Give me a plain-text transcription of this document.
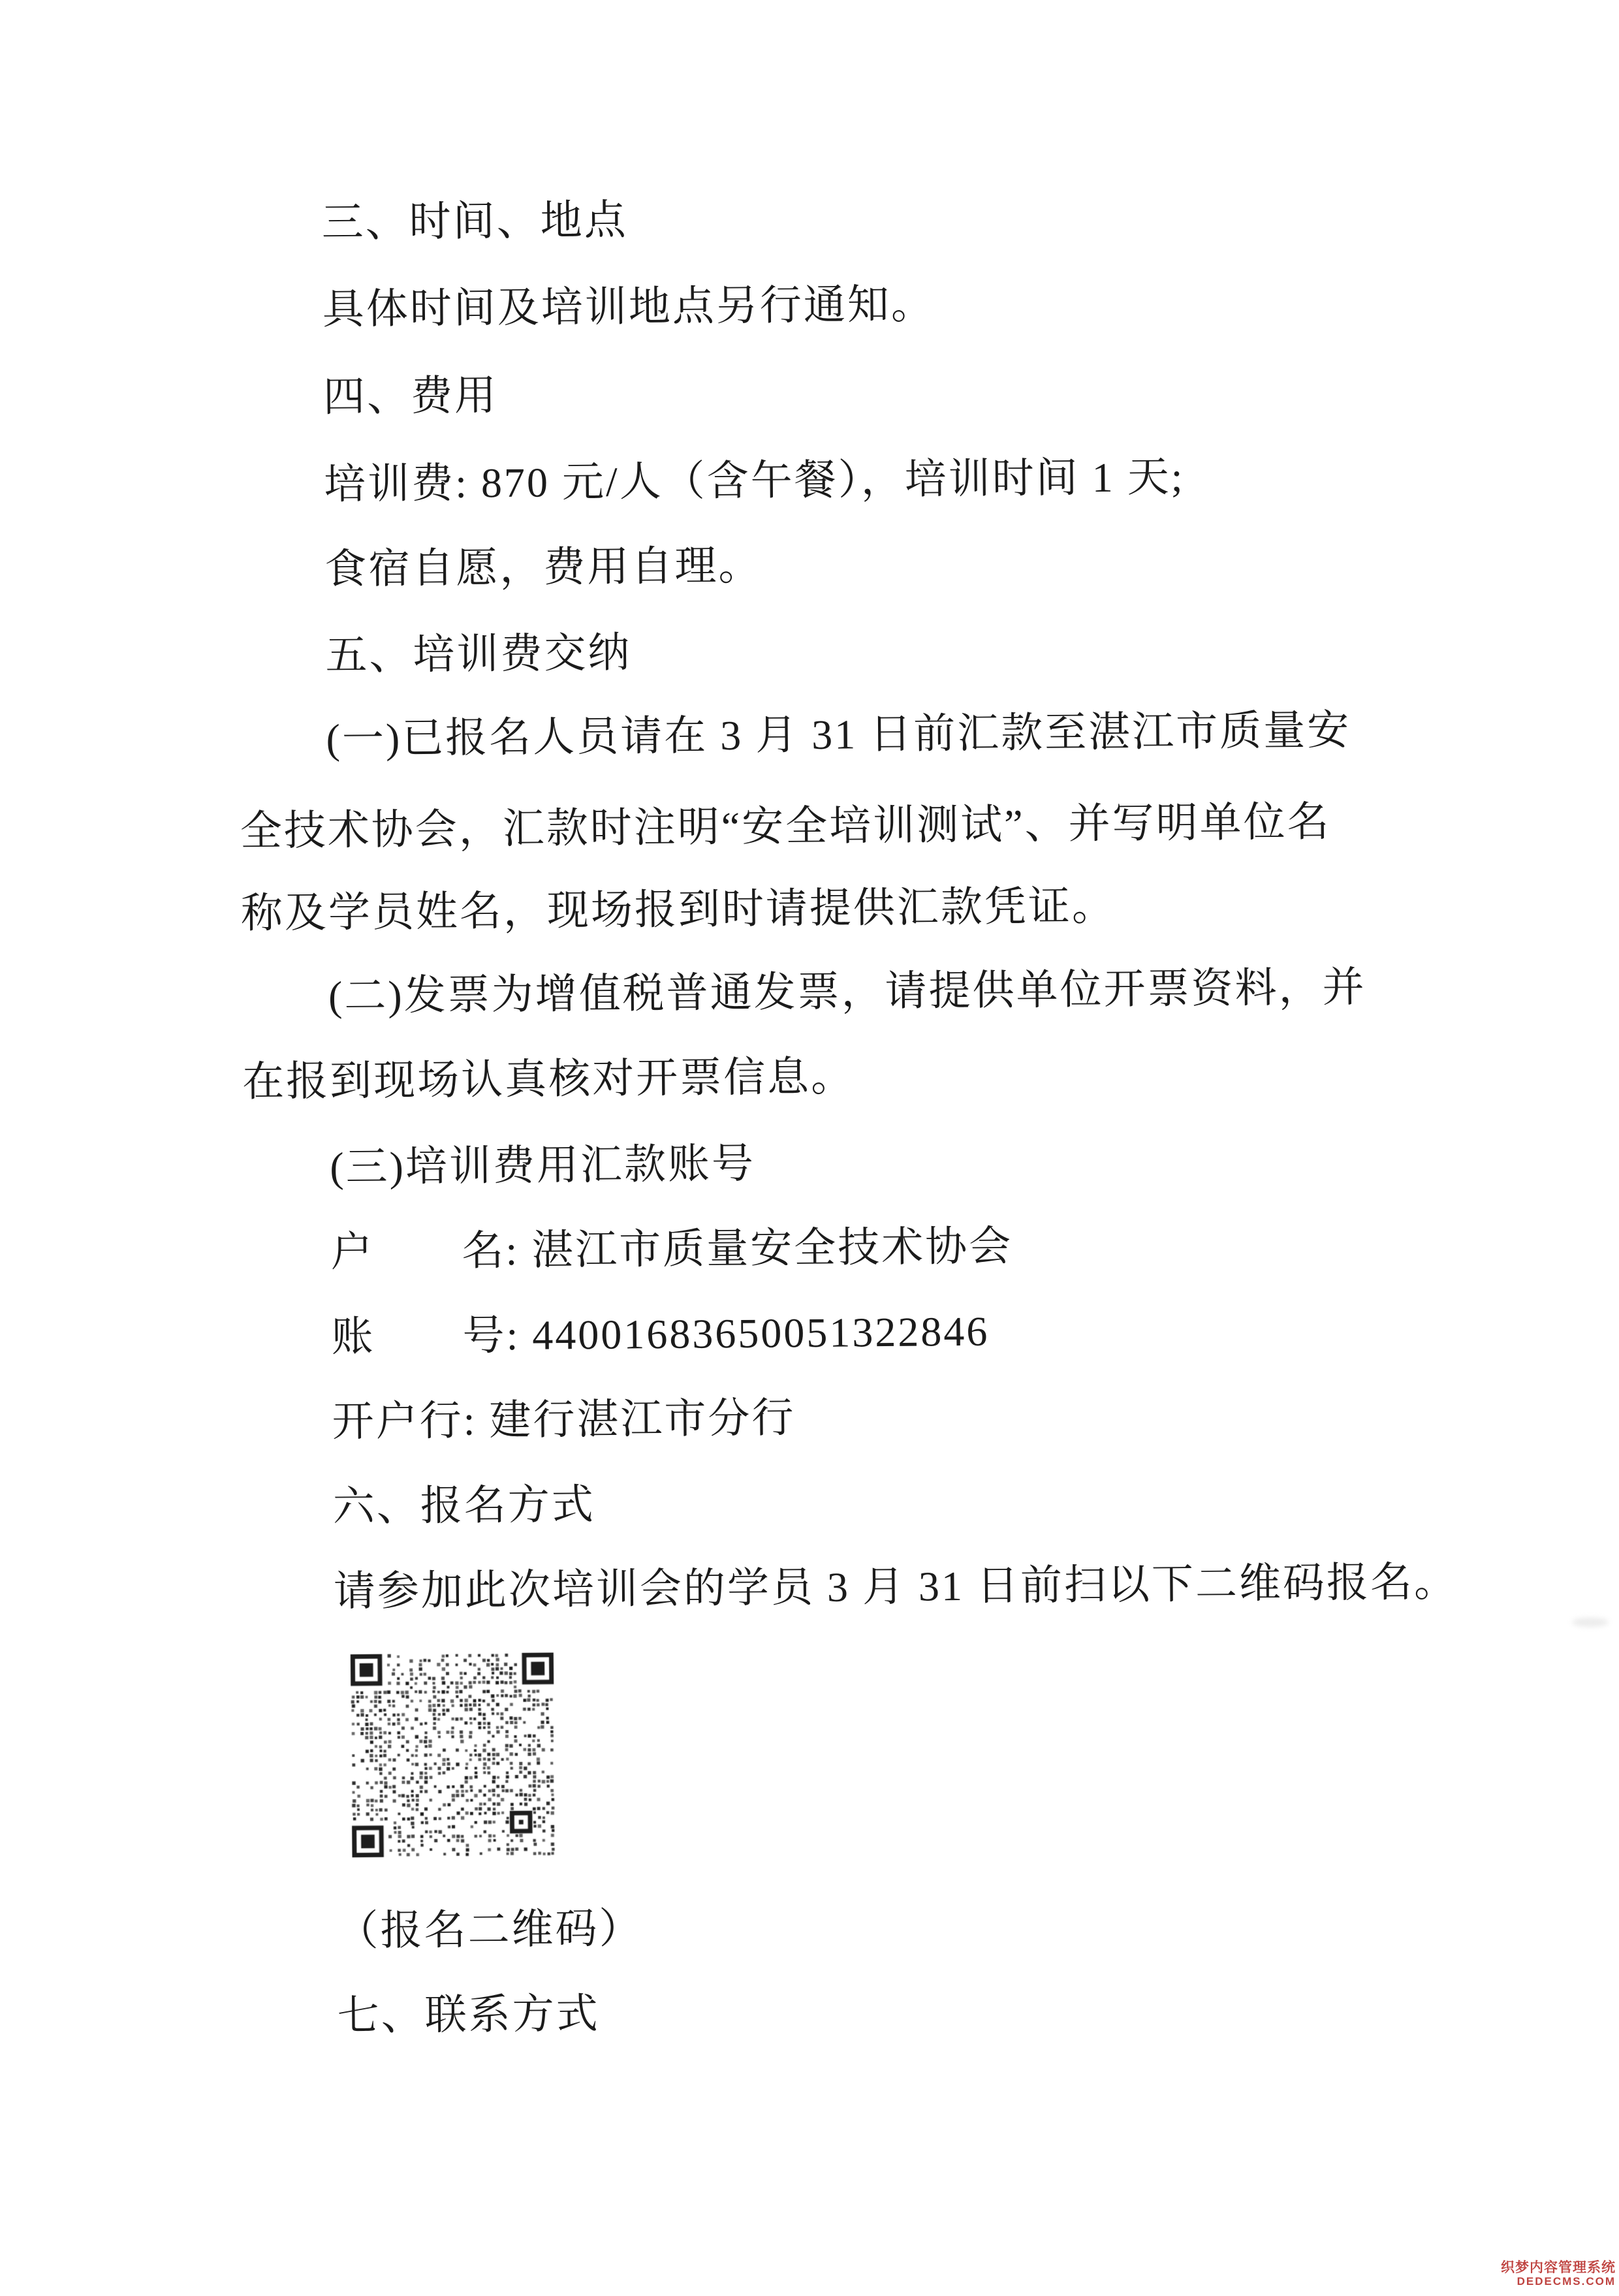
三、时间、地点
具体时间及培训地点另行通知。
四、费用
培训费: 870 元/人（含午餐），培训时间 1 天;
食宿自愿，费用自理。
五、培训费交纳
(一)已报名人员请在 3 月 31 日前汇款至湛江市质量安
全技术协会，汇款时注明“安全培训测试”、并写明单位名
称及学员姓名，现场报到时请提供汇款凭证。
(二)发票为增值税普通发票，请提供单位开票资料，并
在报到现场认真核对开票信息。
(三)培训费用汇款账号
户　　名: 湛江市质量安全技术协会
账　　号: 44001683650051322846
开户行: 建行湛江市分行
六、报名方式
请参加此次培训会的学员 3 月 31 日前扫以下二维码报名。
（报名二维码）
七、联系方式
织梦内容管理系统
DEDECMS.COM
